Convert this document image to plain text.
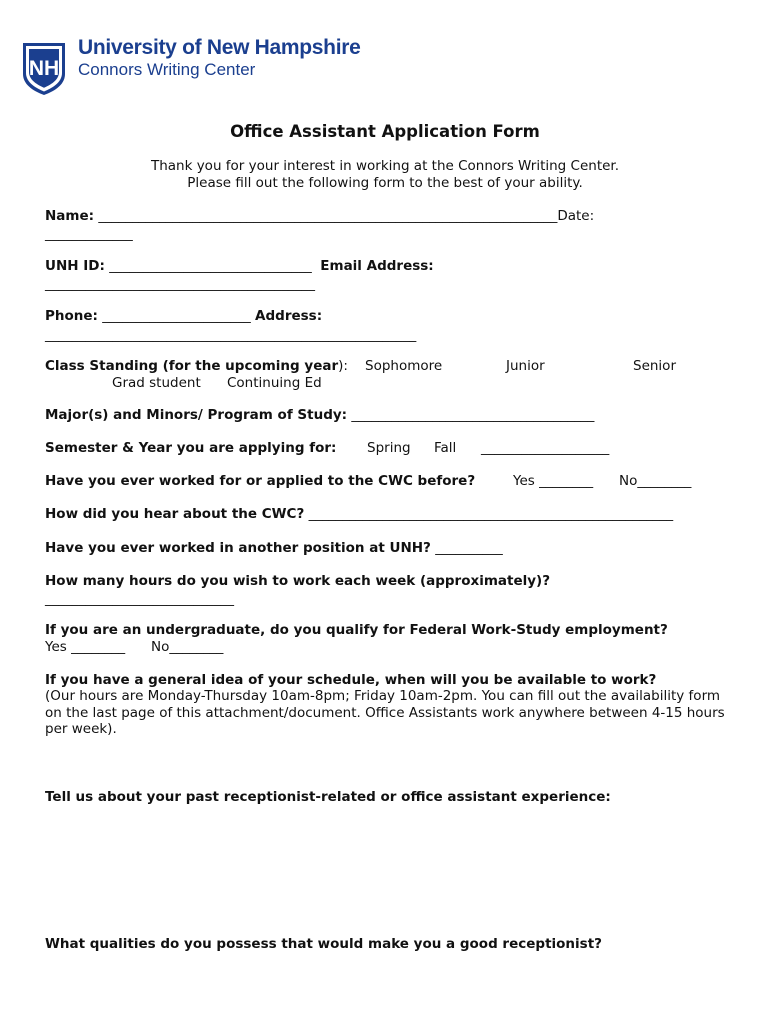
NH
University of New Hampshire
Connors Writing Center
Office Assistant Application Form
Thank you for your interest in working at the Connors Writing Center.
Please fill out the following form to the best of your ability.
Name: ____________________________________________________________________Date:
_____________
UNH ID: ______________________________ Email Address:
________________________________________
Phone: ______________________ Address:
_______________________________________________________
Class Standing (for the upcoming year): Sophomore	Junior	Senior
Grad student Continuing Ed
Major(s) and Minors/ Program of Study: ____________________________________
Semester & Year you are applying for: Spring Fall ___________________
Have you ever worked for or applied to the CWC before?	Yes ________ No________
How did you hear about the CWC? ______________________________________________________
Have you ever worked in another position at UNH? __________
How many hours do you wish to work each week (approximately)?
____________________________
If you are an undergraduate, do you qualify for Federal Work-Study employment?
Yes ________ No________
If you have a general idea of your schedule, when will you be available to work?
(Our hours are Monday-Thursday 10am-8pm; Friday 10am-2pm. You can fill out the availability form on the last page of this attachment/document. Office Assistants work anywhere between 4-15 hours per week).
Tell us about your past receptionist-related or office assistant experience:
What qualities do you possess that would make you a good receptionist?
